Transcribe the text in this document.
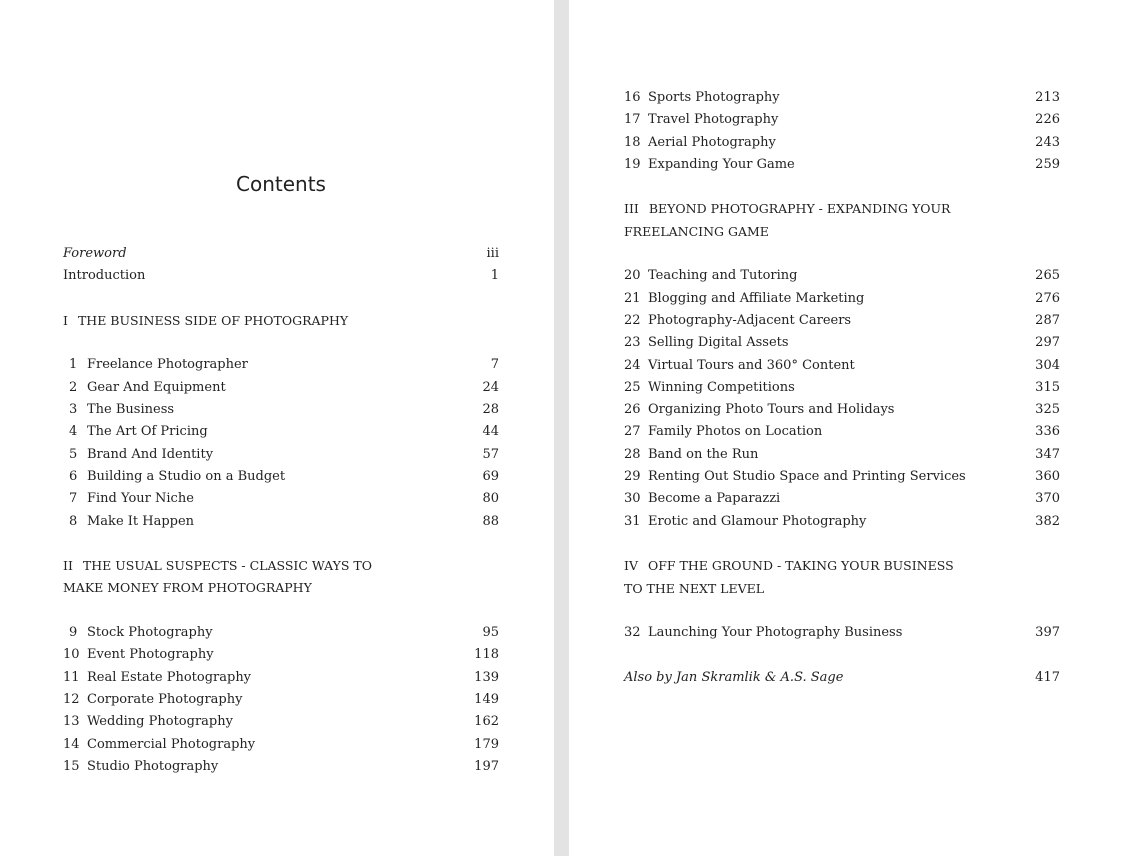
Contents
Foreword	iii
Introduction	1
I THE BUSINESS SIDE OF PHOTOGRAPHY
1 Freelance Photographer	7
2 Gear And Equipment	24
3 The Business	28
4 The Art Of Pricing	44
5 Brand And Identity	57
6 Building a Studio on a Budget	69
7 Find Your Niche	80
8 Make It Happen	88
II THE USUAL SUSPECTS - CLASSIC WAYS TO MAKE MONEY FROM PHOTOGRAPHY
9 Stock Photography	95
10 Event Photography	118
11 Real Estate Photography	139
12 Corporate Photography	149
13 Wedding Photography	162
14 Commercial Photography	179
15 Studio Photography	197
16 Sports Photography	213
17 Travel Photography	226
18 Aerial Photography	243
19 Expanding Your Game	259
III BEYOND PHOTOGRAPHY - EXPANDING YOUR FREELANCING GAME
20 Teaching and Tutoring	265
21 Blogging and Affiliate Marketing	276
22 Photography-Adjacent Careers	287
23 Selling Digital Assets	297
24 Virtual Tours and 360° Content	304
25 Winning Competitions	315
26 Organizing Photo Tours and Holidays	325
27 Family Photos on Location	336
28 Band on the Run	347
29 Renting Out Studio Space and Printing Services	360
30 Become a Paparazzi	370
31 Erotic and Glamour Photography	382
IV OFF THE GROUND - TAKING YOUR BUSINESS TO THE NEXT LEVEL
32 Launching Your Photography Business	397
Also by Jan Skramlik & A.S. Sage	417
